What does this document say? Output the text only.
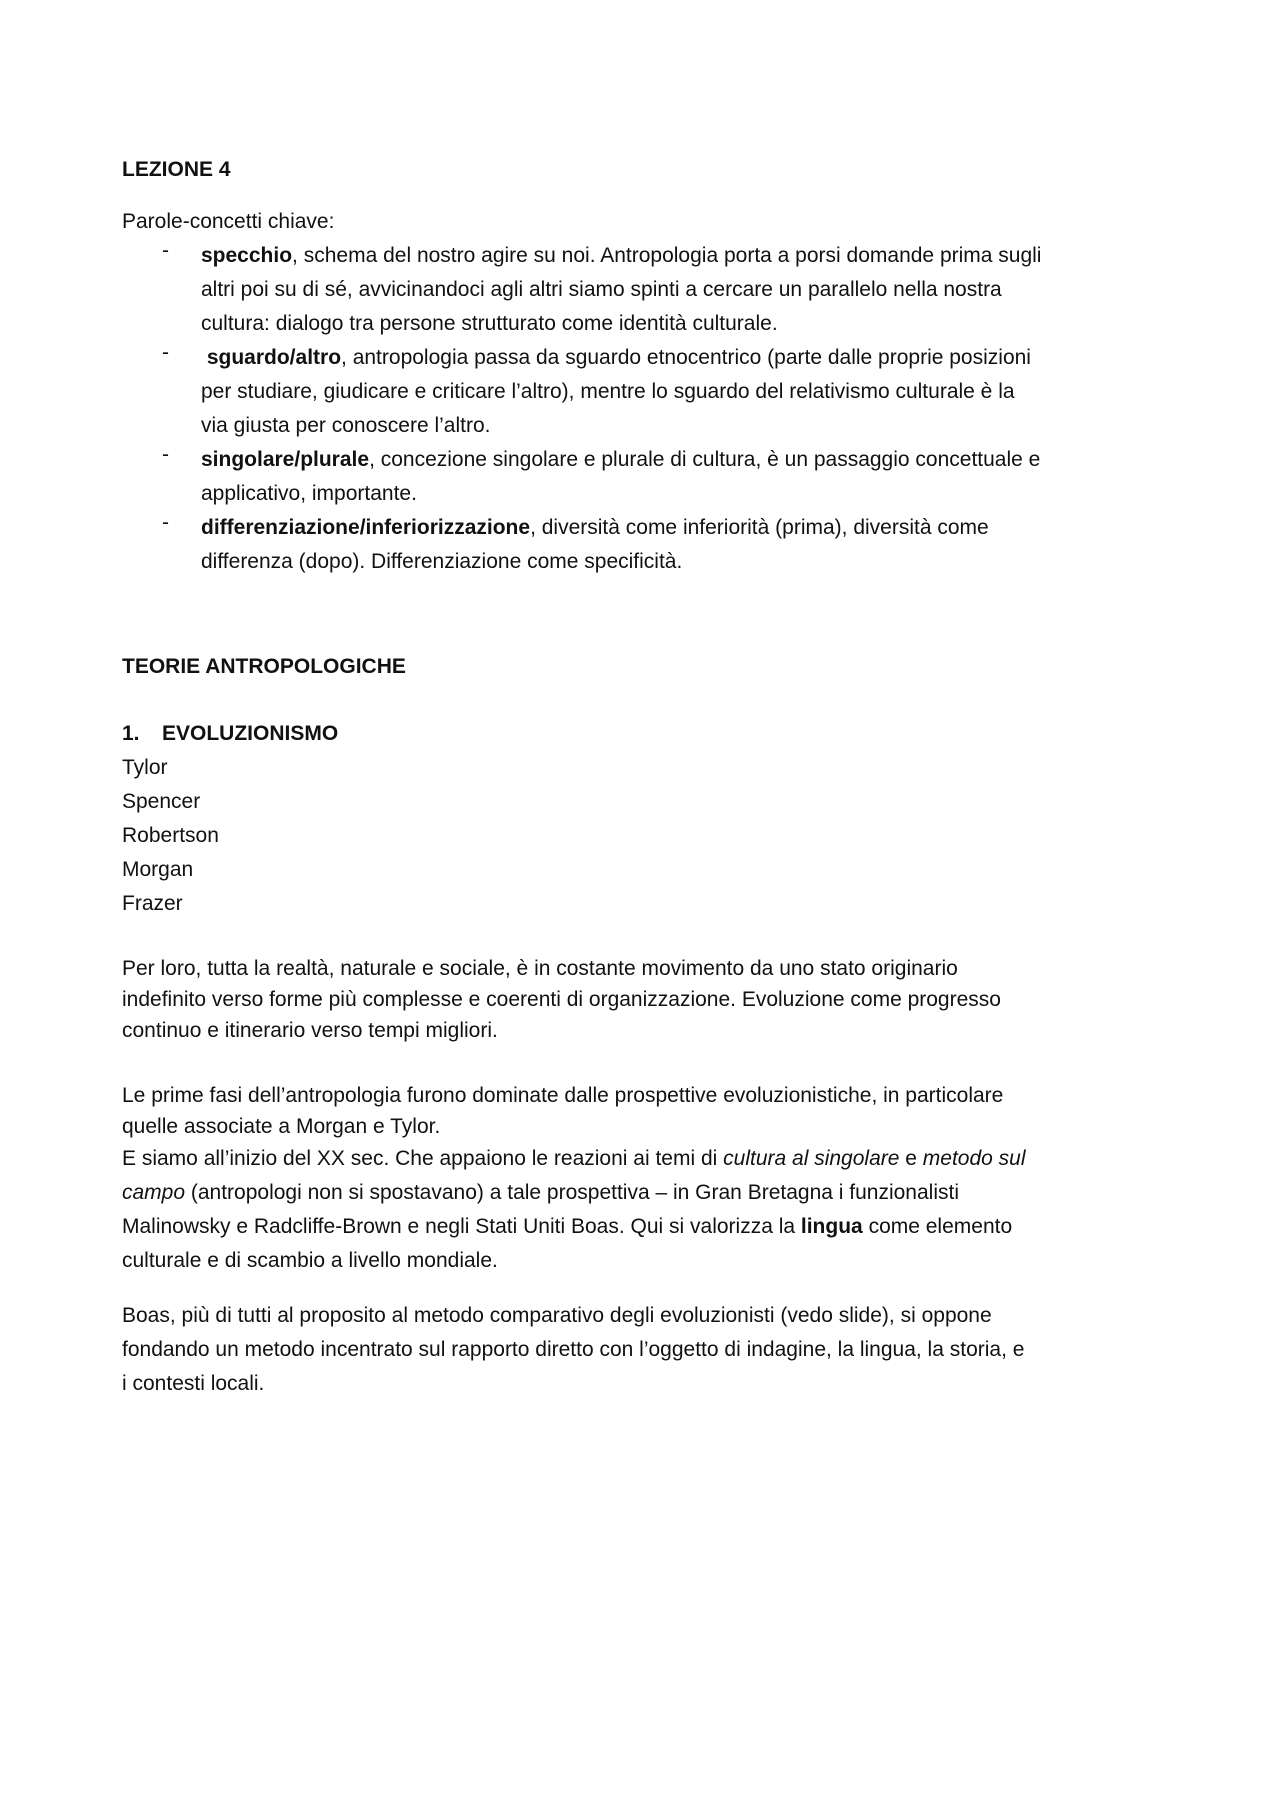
LEZIONE 4
Parole-concetti chiave:
- specchio, schema del nostro agire su noi. Antropologia porta a porsi domande prima sugli
altri poi su di sé, avvicinandoci agli altri siamo spinti a cercare un parallelo nella nostra
cultura: dialogo tra persone strutturato come identità culturale.
- sguardo/altro, antropologia passa da sguardo etnocentrico (parte dalle proprie posizioni
per studiare, giudicare e criticare l’altro), mentre lo sguardo del relativismo culturale è la
via giusta per conoscere l’altro.
- singolare/plurale, concezione singolare e plurale di cultura, è un passaggio concettuale e
applicativo, importante.
- differenziazione/inferiorizzazione, diversità come inferiorità (prima), diversità come
differenza (dopo). Differenziazione come specificità.
TEORIE ANTROPOLOGICHE
1. EVOLUZIONISMO
Tylor
Spencer
Robertson
Morgan
Frazer
Per loro, tutta la realtà, naturale e sociale, è in costante movimento da uno stato originario
indefinito verso forme più complesse e coerenti di organizzazione. Evoluzione come progresso
continuo e itinerario verso tempi migliori.
Le prime fasi dell’antropologia furono dominate dalle prospettive evoluzionistiche, in particolare
quelle associate a Morgan e Tylor.
E siamo all’inizio del XX sec. Che appaiono le reazioni ai temi di cultura al singolare e metodo sul
campo (antropologi non si spostavano) a tale prospettiva – in Gran Bretagna i funzionalisti
Malinowsky e Radcliffe-Brown e negli Stati Uniti Boas. Qui si valorizza la lingua come elemento
culturale e di scambio a livello mondiale.
Boas, più di tutti al proposito al metodo comparativo degli evoluzionisti (vedo slide), si oppone
fondando un metodo incentrato sul rapporto diretto con l’oggetto di indagine, la lingua, la storia, e
i contesti locali.
